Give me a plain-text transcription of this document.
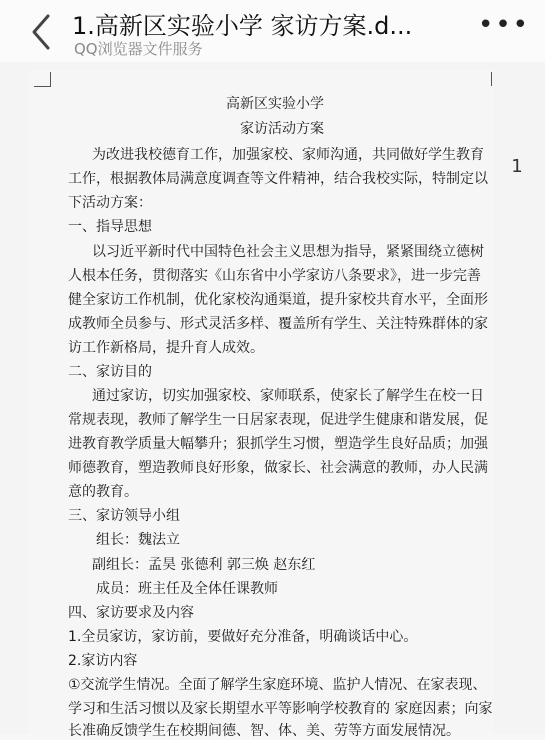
1.高新区实验小学 家访方案.d...
QQ浏览器文件服务
•••
1
高新区实验小学
家访活动方案
为改进我校德育工作，加强家校、家师沟通，共同做好学生教育
工作，根据教体局满意度调查等文件精神，结合我校实际，特制定以
下活动方案：
一、指导思想
以习近平新时代中国特色社会主义思想为指导，紧紧围绕立德树
人根本任务，贯彻落实《山东省中小学家访八条要求》，进一步完善
健全家访工作机制，优化家校沟通渠道，提升家校共育水平，全面形
成教师全员参与、形式灵活多样、覆盖所有学生、关注特殊群体的家
访工作新格局，提升育人成效。
二、家访目的
通过家访，切实加强家校、家师联系，使家长了解学生在校一日
常规表现，教师了解学生一日居家表现，促进学生健康和谐发展，促
进教育教学质量大幅攀升；狠抓学生习惯，塑造学生良好品质；加强
师德教育，塑造教师良好形象，做家长、社会满意的教师，办人民满
意的教育。
三、家访领导小组
组长：魏法立
副组长：孟昊 张德利 郭三焕 赵东红
成员：班主任及全体任课教师
四、家访要求及内容
1.全员家访，家访前，要做好充分准备，明确谈话中心。
2.家访内容
①交流学生情况。全面了解学生家庭环境、监护人情况、在家表现、
学习和生活习惯以及家长期望水平等影响学校教育的 家庭因素；向家
长准确反馈学生在校期间德、智、体、美、劳等方面发展情况。
